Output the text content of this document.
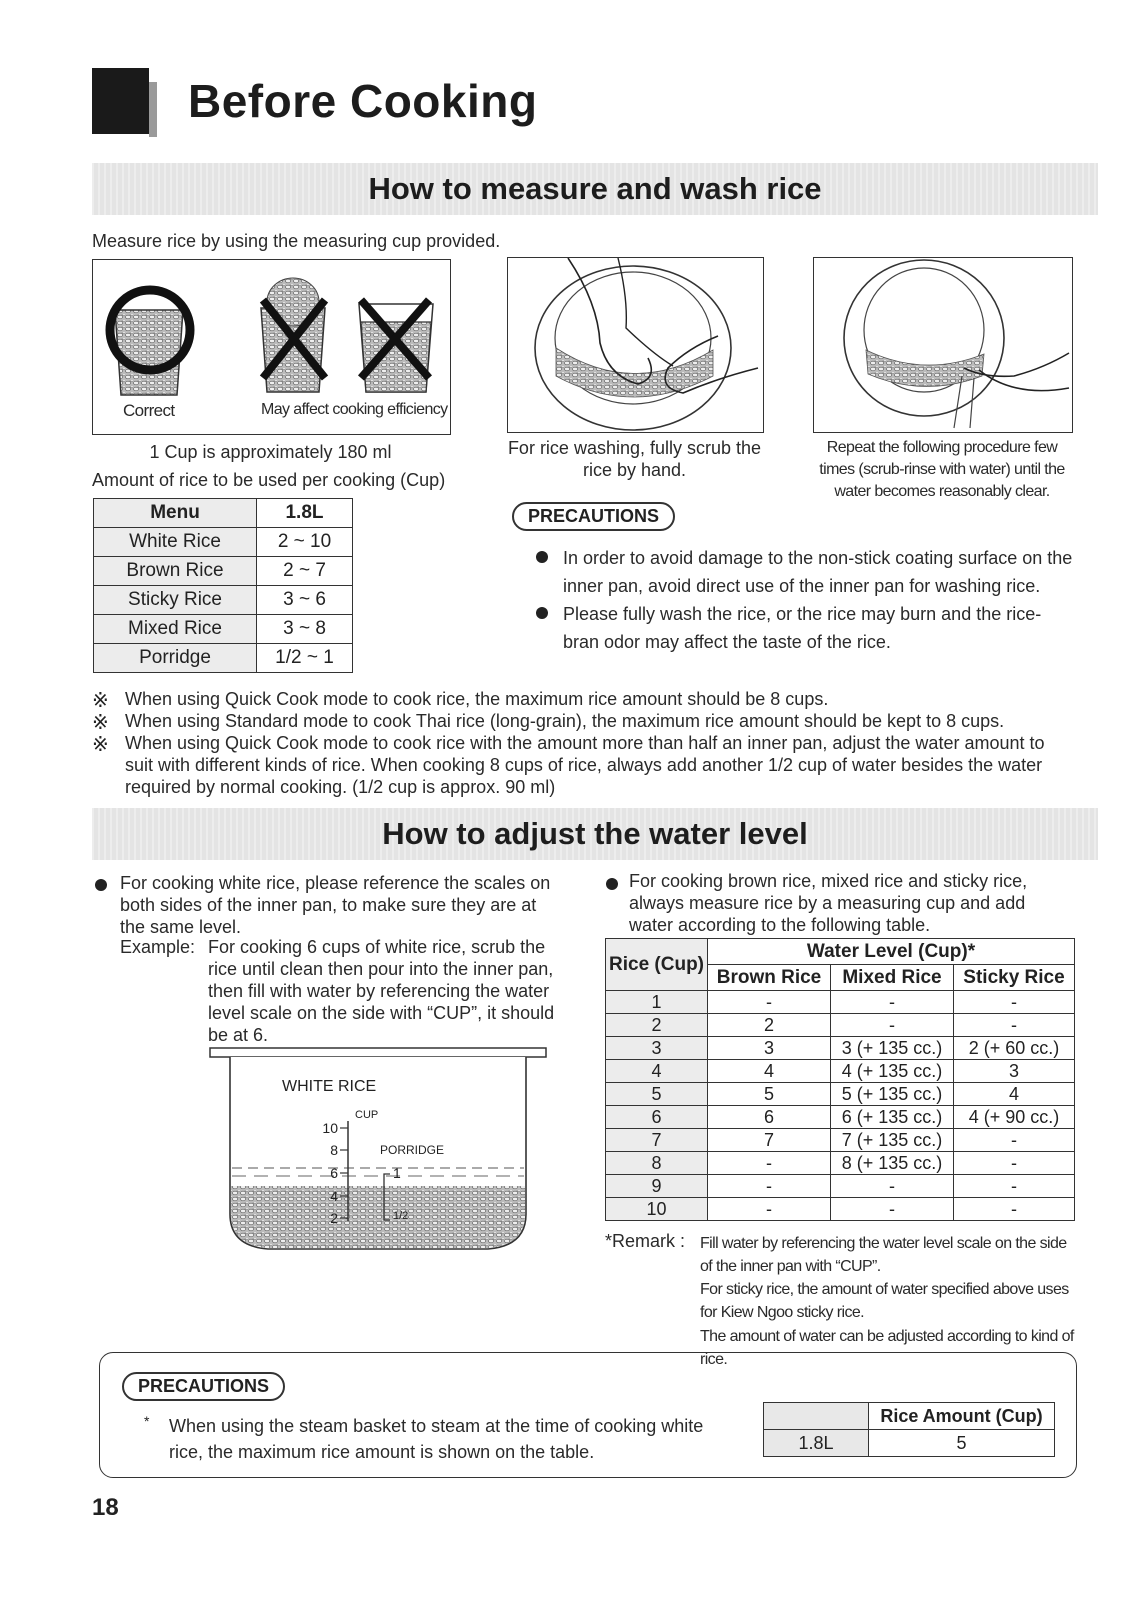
Before Cooking
How to measure and wash rice
Measure rice by using the measuring cup provided.
Correct	May affect cooking efficiency
For rice washing, fully scrub the rice by hand.
Repeat the following procedure few times (scrub-rinse with water) until the water becomes reasonably clear.
1 Cup is approximately 180 ml
Amount of rice to be used per cooking (Cup)
Menu	1.8L
White Rice	2 ~ 10
Brown Rice	2 ~ 7
Sticky Rice	3 ~ 6
Mixed Rice	3 ~ 8
Porridge	1/2 ~ 1
PRECAUTIONS
In order to avoid damage to the non-stick coating surface on the inner pan, avoid direct use of the inner pan for washing rice.
Please fully wash the rice, or the rice may burn and the rice-bran odor may affect the taste of the rice.
※ When using Quick Cook mode to cook rice, the maximum rice amount should be 8 cups.
※ When using Standard mode to cook Thai rice (long-grain), the maximum rice amount should be kept to 8 cups.
※ When using Quick Cook mode to cook rice with the amount more than half an inner pan, adjust the water amount to suit with different kinds of rice. When cooking 8 cups of rice, always add another 1/2 cup of water besides the water required by normal cooking. (1/2 cup is approx. 90 ml)
How to adjust the water level
For cooking white rice, please reference the scales on both sides of the inner pan, to make sure they are at the same level.
Example: For cooking 6 cups of white rice, scrub the rice until clean then pour into the inner pan, then fill with water by referencing the water level scale on the side with “CUP”, it should be at 6.
WHITE RICE
CUP
PORRIDGE
10
8
6
4
2
1
1/2
For cooking brown rice, mixed rice and sticky rice, always measure rice by a measuring cup and add water according to the following table.
Rice (Cup)	Water Level (Cup)*		
	Brown Rice	Mixed Rice	Sticky Rice
1	-	-	-
2	2	-	-
3	3	3 (+ 135 cc.)	2 (+ 60 cc.)
4	4	4 (+ 135 cc.)	3
5	5	5 (+ 135 cc.)	4
6	6	6 (+ 135 cc.)	4 (+ 90 cc.)
7	7	7 (+ 135 cc.)	-
8	-	8 (+ 135 cc.)	-
9	-	-	-
10	-	-	-
*Remark : Fill water by referencing the water level scale on the side of the inner pan with “CUP”.
For sticky rice, the amount of water specified above uses for Kiew Ngoo sticky rice.
The amount of water can be adjusted according to kind of rice.
PRECAUTIONS
* When using the steam basket to steam at the time of cooking white rice, the maximum rice amount is shown on the table.
	Rice Amount (Cup)
1.8L	5
18
